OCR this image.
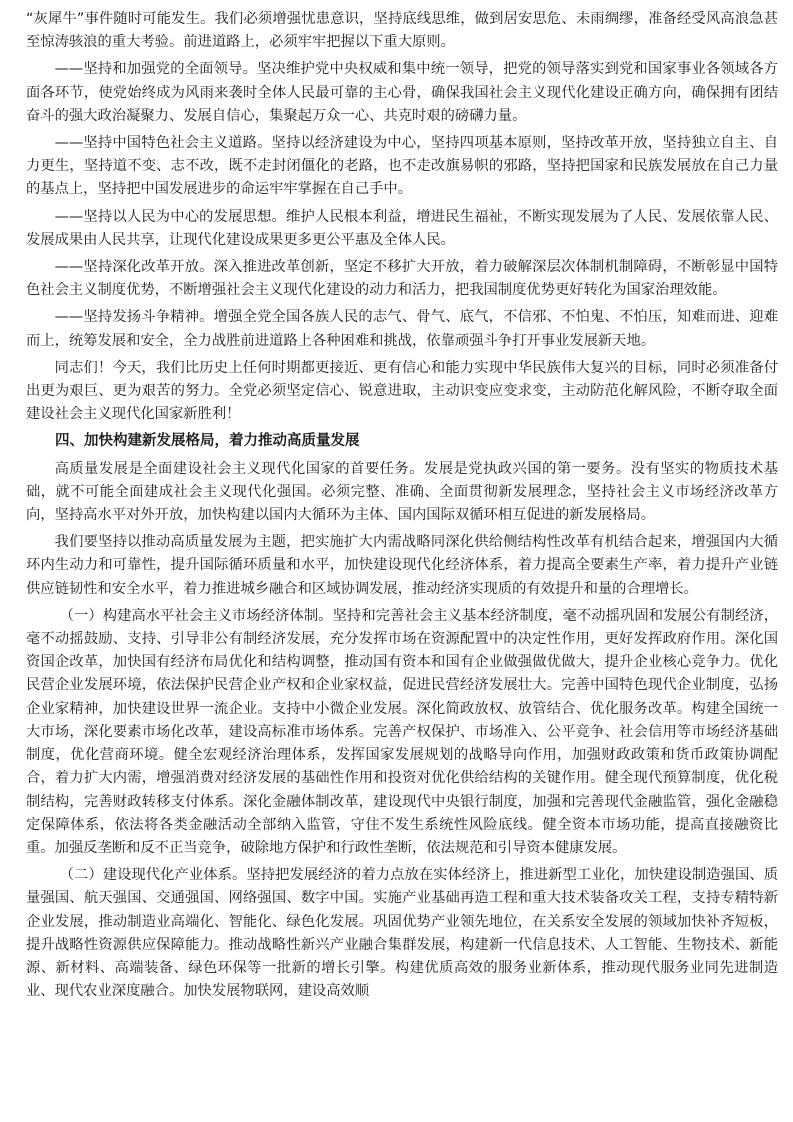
“灰犀牛”事件随时可能发生。我们必须增强忧患意识，坚持底线思维，做到居安思危、未雨绸缪，准备经受风高浪急甚至惊涛骇浪的重大考验。前进道路上，必须牢牢把握以下重大原则。

——坚持和加强党的全面领导。坚决维护党中央权威和集中统一领导，把党的领导落实到党和国家事业各领域各方面各环节，使党始终成为风雨来袭时全体人民最可靠的主心骨，确保我国社会主义现代化建设正确方向，确保拥有团结奋斗的强大政治凝聚力、发展自信心，集聚起万众一心、共克时艰的磅礴力量。

——坚持中国特色社会主义道路。坚持以经济建设为中心，坚持四项基本原则，坚持改革开放，坚持独立自主、自力更生，坚持道不变、志不改，既不走封闭僵化的老路，也不走改旗易帜的邪路，坚持把国家和民族发展放在自己力量的基点上，坚持把中国发展进步的命运牢牢掌握在自己手中。

——坚持以人民为中心的发展思想。维护人民根本利益，增进民生福祉，不断实现发展为了人民、发展依靠人民、发展成果由人民共享，让现代化建设成果更多更公平惠及全体人民。

——坚持深化改革开放。深入推进改革创新，坚定不移扩大开放，着力破解深层次体制机制障碍，不断彰显中国特色社会主义制度优势，不断增强社会主义现代化建设的动力和活力，把我国制度优势更好转化为国家治理效能。

——坚持发扬斗争精神。增强全党全国各族人民的志气、骨气、底气，不信邪、不怕鬼、不怕压，知难而进、迎难而上，统筹发展和安全，全力战胜前进道路上各种困难和挑战，依靠顽强斗争打开事业发展新天地。

同志们！今天，我们比历史上任何时期都更接近、更有信心和能力实现中华民族伟大复兴的目标，同时必须准备付出更为艰巨、更为艰苦的努力。全党必须坚定信心、锐意进取，主动识变应变求变，主动防范化解风险，不断夺取全面建设社会主义现代化国家新胜利！

四、加快构建新发展格局，着力推动高质量发展

高质量发展是全面建设社会主义现代化国家的首要任务。发展是党执政兴国的第一要务。没有坚实的物质技术基础，就不可能全面建成社会主义现代化强国。必须完整、准确、全面贯彻新发展理念，坚持社会主义市场经济改革方向，坚持高水平对外开放，加快构建以国内大循环为主体、国内国际双循环相互促进的新发展格局。

我们要坚持以推动高质量发展为主题，把实施扩大内需战略同深化供给侧结构性改革有机结合起来，增强国内大循环内生动力和可靠性，提升国际循环质量和水平，加快建设现代化经济体系，着力提高全要素生产率，着力提升产业链供应链韧性和安全水平，着力推进城乡融合和区域协调发展，推动经济实现质的有效提升和量的合理增长。

（一）构建高水平社会主义市场经济体制。坚持和完善社会主义基本经济制度，毫不动摇巩固和发展公有制经济，毫不动摇鼓励、支持、引导非公有制经济发展，充分发挥市场在资源配置中的决定性作用，更好发挥政府作用。深化国资国企改革，加快国有经济布局优化和结构调整，推动国有资本和国有企业做强做优做大，提升企业核心竞争力。优化民营企业发展环境，依法保护民营企业产权和企业家权益，促进民营经济发展壮大。完善中国特色现代企业制度，弘扬企业家精神，加快建设世界一流企业。支持中小微企业发展。深化简政放权、放管结合、优化服务改革。构建全国统一大市场，深化要素市场化改革，建设高标准市场体系。完善产权保护、市场准入、公平竞争、社会信用等市场经济基础制度，优化营商环境。健全宏观经济治理体系，发挥国家发展规划的战略导向作用，加强财政政策和货币政策协调配合，着力扩大内需，增强消费对经济发展的基础性作用和投资对优化供给结构的关键作用。健全现代预算制度，优化税制结构，完善财政转移支付体系。深化金融体制改革，建设现代中央银行制度，加强和完善现代金融监管，强化金融稳定保障体系，依法将各类金融活动全部纳入监管，守住不发生系统性风险底线。健全资本市场功能，提高直接融资比重。加强反垄断和反不正当竞争，破除地方保护和行政性垄断，依法规范和引导资本健康发展。

（二）建设现代化产业体系。坚持把发展经济的着力点放在实体经济上，推进新型工业化，加快建设制造强国、质量强国、航天强国、交通强国、网络强国、数字中国。实施产业基础再造工程和重大技术装备攻关工程，支持专精特新企业发展，推动制造业高端化、智能化、绿色化发展。巩固优势产业领先地位，在关系安全发展的领域加快补齐短板，提升战略性资源供应保障能力。推动战略性新兴产业融合集群发展，构建新一代信息技术、人工智能、生物技术、新能源、新材料、高端装备、绿色环保等一批新的增长引擎。构建优质高效的服务业新体系，推动现代服务业同先进制造业、现代农业深度融合。加快发展物联网，建设高效顺
